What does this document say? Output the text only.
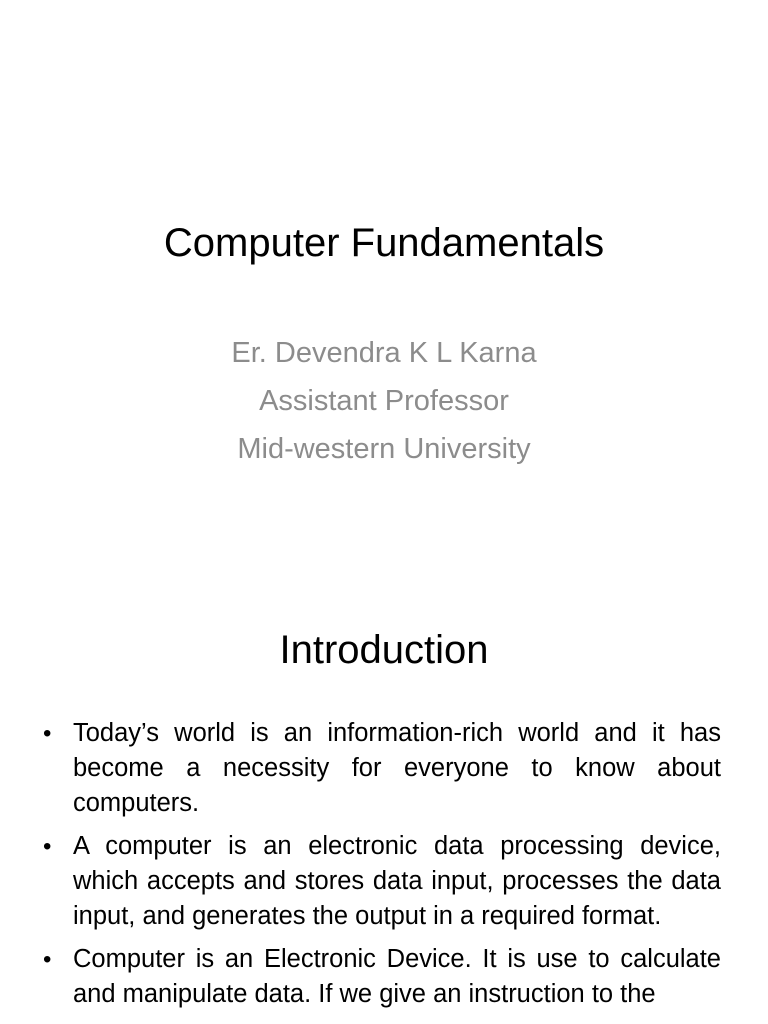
Computer Fundamentals
Er. Devendra K L Karna
Assistant Professor
Mid-western University
Introduction
• Today’s world is an information-rich world and it has become a necessity for everyone to know about computers.
• A computer is an electronic data processing device, which accepts and stores data input, processes the data input, and generates the output in a required format.
• Computer is an Electronic Device. It is use to calculate and manipulate data. If we give an instruction to the
